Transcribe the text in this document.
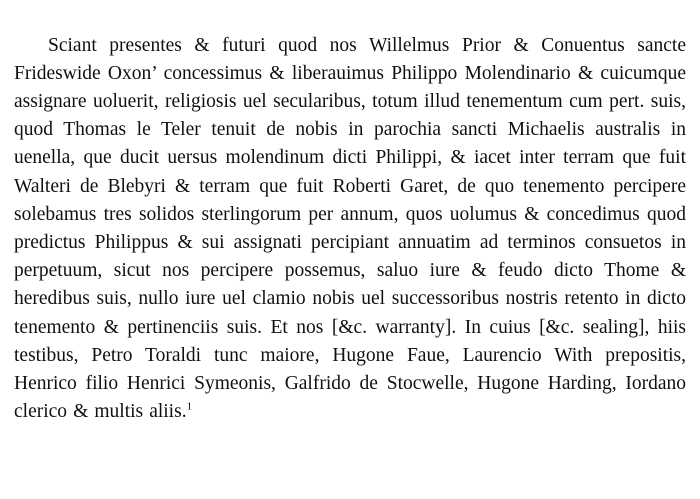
Sciant presentes & futuri quod nos Willelmus Prior & Conuentus sancte Frideswide Oxon’ concessimus & liberauimus Philippo Molendinario & cuicumque assignare uoluerit, religiosis uel secularibus, totum illud tenementum cum pert. suis, quod Thomas le Teler tenuit de nobis in parochia sancti Michaelis australis in uenella, que ducit uersus molendinum dicti Philippi, & iacet inter terram que fuit Walteri de Blebyri & terram que fuit Roberti Garet, de quo tenemento percipere solebamus tres solidos sterlingorum per annum, quos uolumus & concedimus quod predictus Philippus & sui assignati percipiant annuatim ad terminos consuetos in perpetuum, sicut nos percipere possemus, saluo iure & feudo dicto Thome & heredibus suis, nullo iure uel clamio nobis uel successoribus nostris retento in dicto tenemento & pertinenciis suis. Et nos [&c. warranty]. In cuius [&c. sealing], hiis testibus, Petro Toraldi tunc maiore, Hugone Faue, Laurencio With prepositis, Henrico filio Henrici Symeonis, Galfrido de Stocwelle, Hugone Harding, Iordano clerico & multis aliis.$^1$
